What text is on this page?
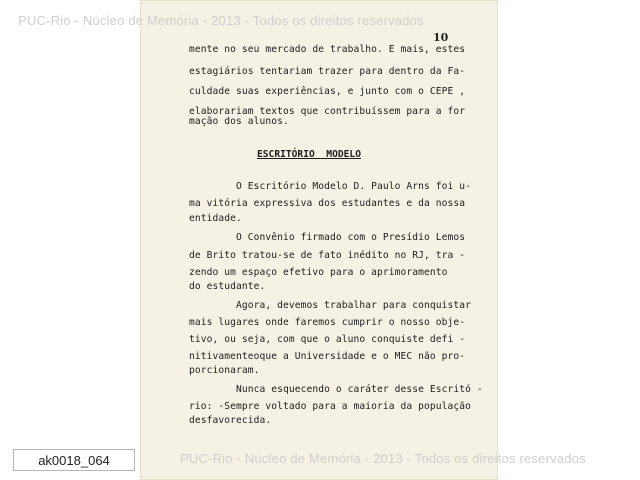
10
mente no seu mercado de trabalho. E mais, estes
estagiários tentariam trazer para dentro da Fa-
culdade suas experiências, e junto com o CEPE ,
elaborariam textos que contribuíssem para a for
mação dos alunos.
ESCRITÓRIO  MODELO
O Escritório Modelo D. Paulo Arns foi u-
ma vitória expressiva dos estudantes e da nossa
entidade.
O Convênio firmado com o Presídio Lemos
de Brito tratou-se de fato inédito no RJ, tra -
zendo um espaço efetivo para o aprimoramento
do estudante.
Agora, devemos trabalhar para conquistar
mais lugares onde faremos cumprir o nosso obje-
tivo, ou seja, com que o aluno conquiste defi -
nitivamenteoque a Universidade e o MEC não pro-
porcionaram.
Nunca esquecendo o caráter desse Escritó -
rio: -Sempre voltado para a maioria da população
desfavorecida.
PUC-Rio - Núcleo de Memória - 2013 - Todos os direitos reservados
ak0018_064	PUC-Rio - Núcleo de Memória - 2013 - Todos os direitos reservados
